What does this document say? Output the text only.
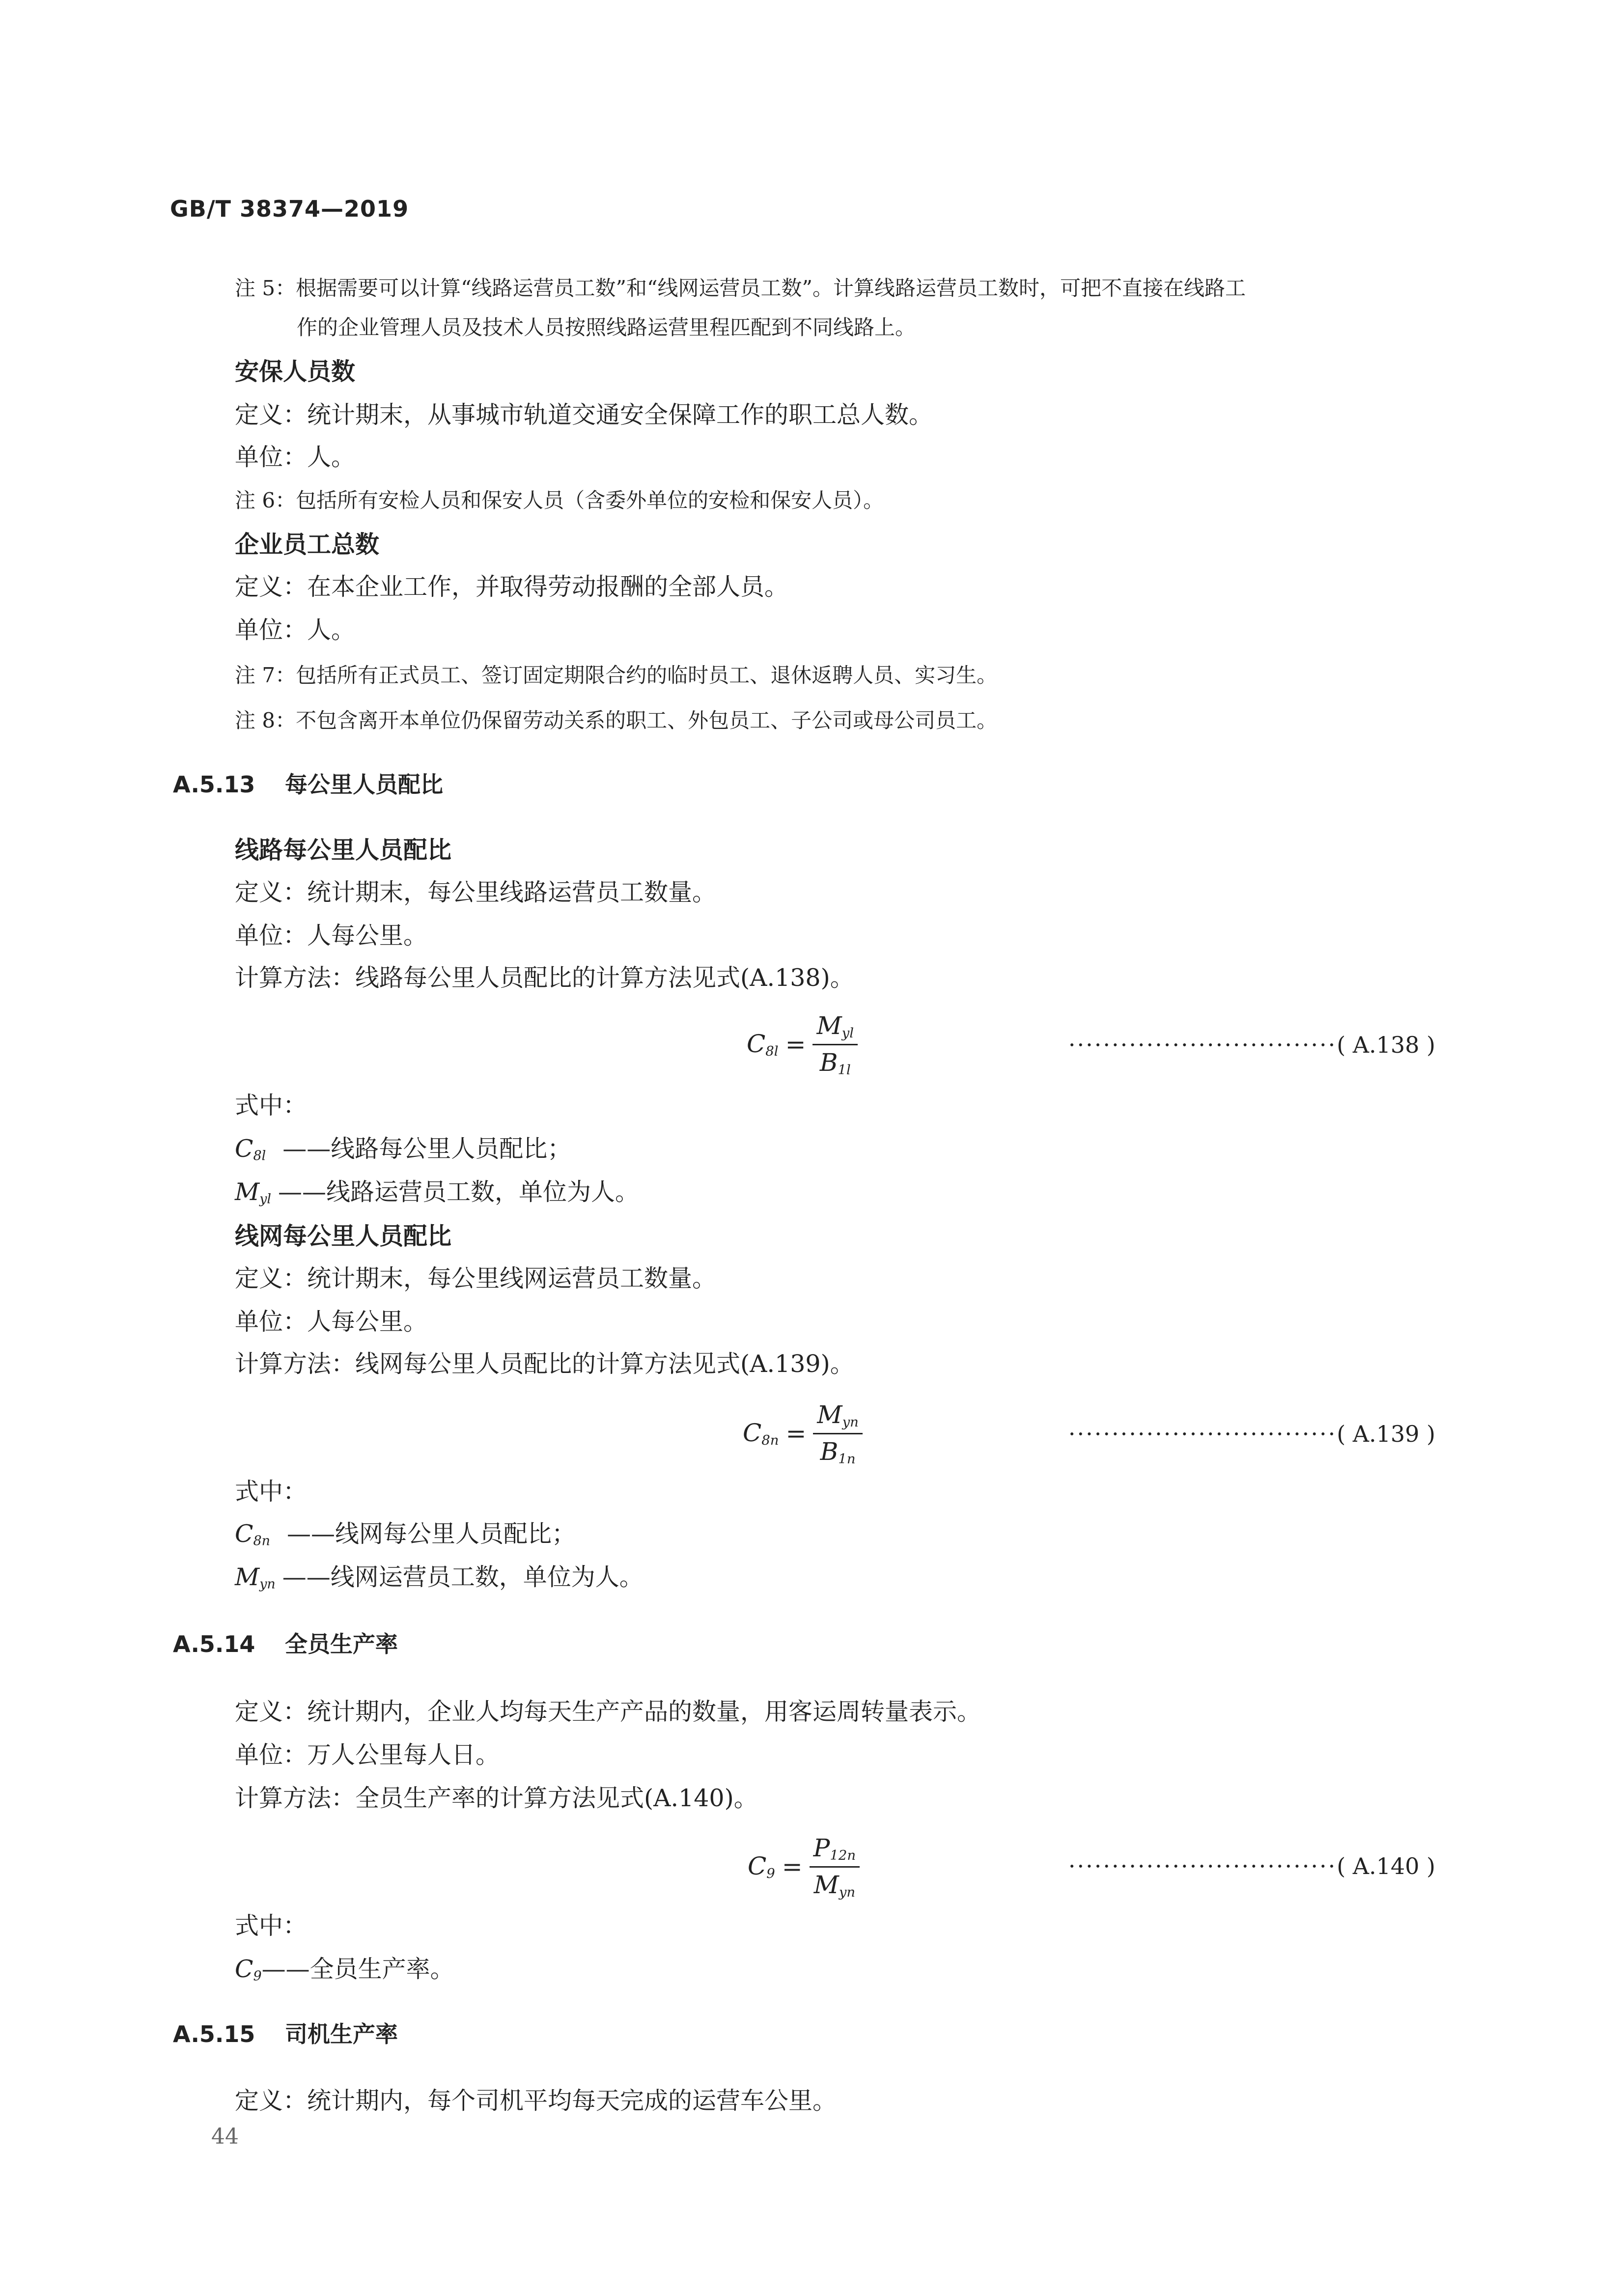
GB/T 38374—2019
注 5：根据需要可以计算“线路运营员工数”和“线网运营员工数”。计算线路运营员工数时，可把不直接在线路工
作的企业管理人员及技术人员按照线路运营里程匹配到不同线路上。
安保人员数
定义：统计期末，从事城市轨道交通安全保障工作的职工总人数。
单位：人。
注 6：包括所有安检人员和保安人员（含委外单位的安检和保安人员）。
企业员工总数
定义：在本企业工作，并取得劳动报酬的全部人员。
单位：人。
注 7：包括所有正式员工、签订固定期限合约的临时员工、退休返聘人员、实习生。
注 8：不包含离开本单位仍保留劳动关系的职工、外包员工、子公司或母公司员工。
A.5.13 每公里人员配比
线路每公里人员配比
定义：统计期末，每公里线路运营员工数量。
单位：人每公里。
计算方法：线路每公里人员配比的计算方法见式(A.138)。
$C_{8l} = \frac{M_{yl}}{B_{1l}}$	·······························( A.138 )
式中：
C8l ——线路每公里人员配比；
Myl ——线路运营员工数，单位为人。
线网每公里人员配比
定义：统计期末，每公里线网运营员工数量。
单位：人每公里。
计算方法：线网每公里人员配比的计算方法见式(A.139)。
$C_{8n} = \frac{M_{yn}}{B_{1n}}$	·······························( A.139 )
式中：
C8n ——线网每公里人员配比；
Myn ——线网运营员工数，单位为人。
A.5.14 全员生产率
定义：统计期内，企业人均每天生产产品的数量，用客运周转量表示。
单位：万人公里每人日。
计算方法：全员生产率的计算方法见式(A.140)。
$C_9 = \frac{P_{12n}}{M_{yn}}$	·······························( A.140 )
式中：
C9——全员生产率。
A.5.15 司机生产率
定义：统计期内，每个司机平均每天完成的运营车公里。
44
